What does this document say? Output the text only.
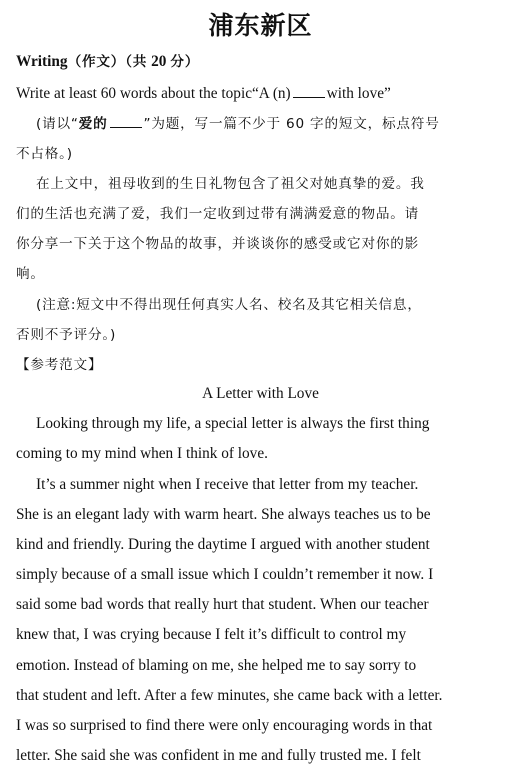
浦东新区
Writing（作文）（共 20 分）
Write at least 60 words about the topic“A (n) with love”
(请以“爱的	”为题，写一篇不少于 60 字的短文，标点符号
不占格。)
在上文中，祖母收到的生日礼物包含了祖父对她真挚的爱。我
们的生活也充满了爱，我们一定收到过带有满满爱意的物品。请
你分享一下关于这个物品的故事，并谈谈你的感受或它对你的影
响。
(注意:短文中不得出现任何真实人名、校名及其它相关信息，
否则不予评分。)
【参考范文】
A Letter with Love
Looking through my life, a special letter is always the first thing
coming to my mind when I think of love.
It’s a summer night when I receive that letter from my teacher.
She is an elegant lady with warm heart. She always teaches us to be
kind and friendly. During the daytime I argued with another student
simply because of a small issue which I couldn’t remember it now. I
said some bad words that really hurt that student. When our teacher
knew that, I was crying because I felt it’s difficult to control my
emotion. Instead of blaming on me, she helped me to say sorry to
that student and left. After a few minutes, she came back with a letter.
I was so surprised to find there were only encouraging words in that
letter. She said she was confident in me and fully trusted me. I felt
